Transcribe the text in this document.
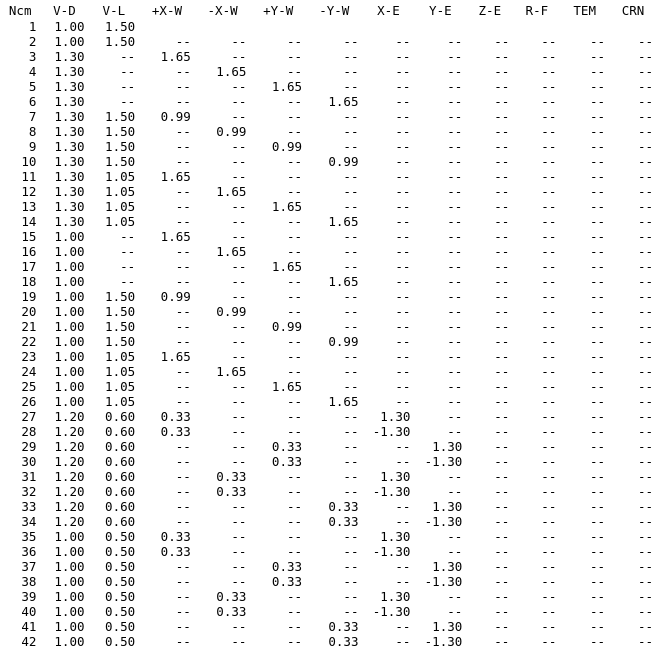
Ncm	V-D	V-L	+X-W	-X-W	+Y-W	-Y-W	X-E	Y-E	Z-E	R-F	TEM	CRN
1	1.00	1.50										
2	1.00	1.50	--	--	--	--	--	--	--	--	--	--
3	1.30	--	1.65	--	--	--	--	--	--	--	--	--
4	1.30	--	--	1.65	--	--	--	--	--	--	--	--
5	1.30	--	--	--	1.65	--	--	--	--	--	--	--
6	1.30	--	--	--	--	1.65	--	--	--	--	--	--
7	1.30	1.50	0.99	--	--	--	--	--	--	--	--	--
8	1.30	1.50	--	0.99	--	--	--	--	--	--	--	--
9	1.30	1.50	--	--	0.99	--	--	--	--	--	--	--
10	1.30	1.50	--	--	--	0.99	--	--	--	--	--	--
11	1.30	1.05	1.65	--	--	--	--	--	--	--	--	--
12	1.30	1.05	--	1.65	--	--	--	--	--	--	--	--
13	1.30	1.05	--	--	1.65	--	--	--	--	--	--	--
14	1.30	1.05	--	--	--	1.65	--	--	--	--	--	--
15	1.00	--	1.65	--	--	--	--	--	--	--	--	--
16	1.00	--	--	1.65	--	--	--	--	--	--	--	--
17	1.00	--	--	--	1.65	--	--	--	--	--	--	--
18	1.00	--	--	--	--	1.65	--	--	--	--	--	--
19	1.00	1.50	0.99	--	--	--	--	--	--	--	--	--
20	1.00	1.50	--	0.99	--	--	--	--	--	--	--	--
21	1.00	1.50	--	--	0.99	--	--	--	--	--	--	--
22	1.00	1.50	--	--	--	0.99	--	--	--	--	--	--
23	1.00	1.05	1.65	--	--	--	--	--	--	--	--	--
24	1.00	1.05	--	1.65	--	--	--	--	--	--	--	--
25	1.00	1.05	--	--	1.65	--	--	--	--	--	--	--
26	1.00	1.05	--	--	--	1.65	--	--	--	--	--	--
27	1.20	0.60	0.33	--	--	--	1.30	--	--	--	--	--
28	1.20	0.60	0.33	--	--	--	-1.30	--	--	--	--	--
29	1.20	0.60	--	--	0.33	--	--	1.30	--	--	--	--
30	1.20	0.60	--	--	0.33	--	--	-1.30	--	--	--	--
31	1.20	0.60	--	0.33	--	--	1.30	--	--	--	--	--
32	1.20	0.60	--	0.33	--	--	-1.30	--	--	--	--	--
33	1.20	0.60	--	--	--	0.33	--	1.30	--	--	--	--
34	1.20	0.60	--	--	--	0.33	--	-1.30	--	--	--	--
35	1.00	0.50	0.33	--	--	--	1.30	--	--	--	--	--
36	1.00	0.50	0.33	--	--	--	-1.30	--	--	--	--	--
37	1.00	0.50	--	--	0.33	--	--	1.30	--	--	--	--
38	1.00	0.50	--	--	0.33	--	--	-1.30	--	--	--	--
39	1.00	0.50	--	0.33	--	--	1.30	--	--	--	--	--
40	1.00	0.50	--	0.33	--	--	-1.30	--	--	--	--	--
41	1.00	0.50	--	--	--	0.33	--	1.30	--	--	--	--
42	1.00	0.50	--	--	--	0.33	--	-1.30	--	--	--	--
